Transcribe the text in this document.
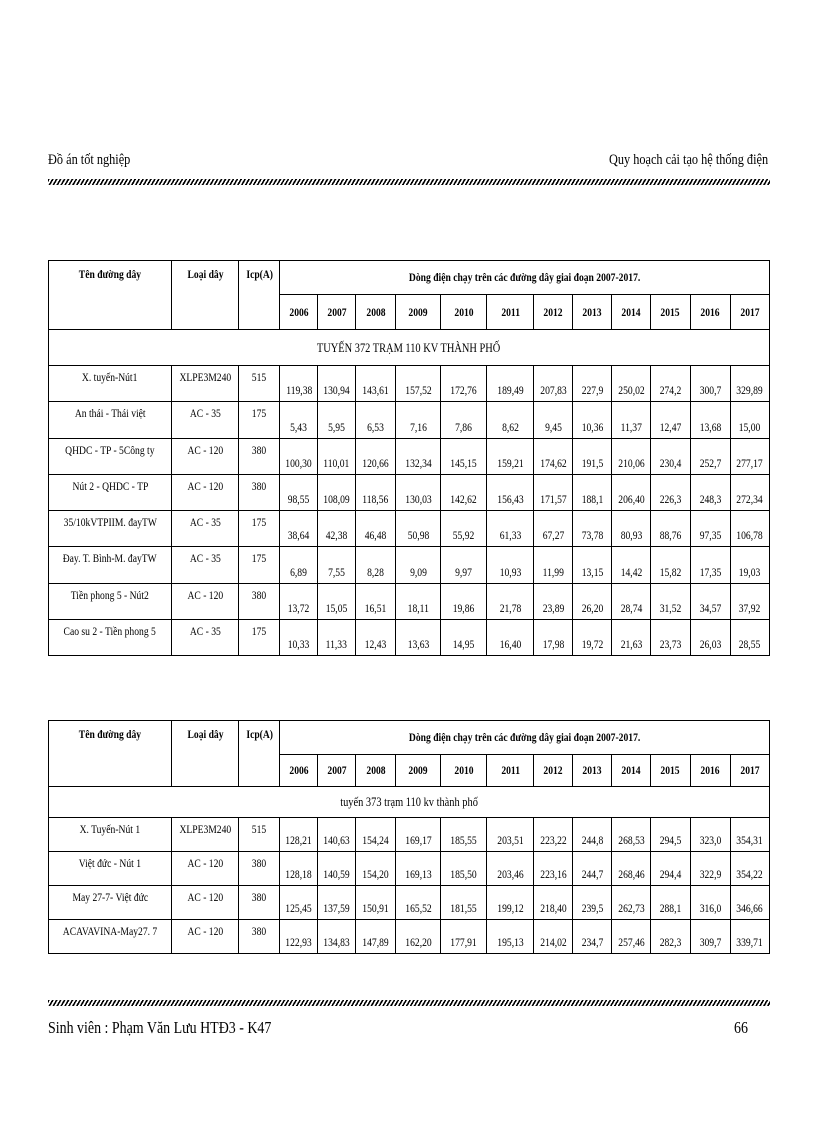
Đồ án tốt nghiệp	Quy hoạch cải tạo hệ thống điện
Tên đường dây	Loại dây	Icp(A)	Dòng điện chạy trên các đường dây giai đoạn 2007-2017.											
			2006	2007	2008	2009	2010	2011	2012	2013	2014	2015	2016	2017
TUYẾN 372 TRẠM 110 KV THÀNH PHỐ														
X. tuyến-Nút1	XLPE3M240	515	119,38	130,94	143,61	157,52	172,76	189,49	207,83	227,9	250,02	274,2	300,7	329,89
An thái - Thái việt	AC - 35	175	5,43	5,95	6,53	7,16	7,86	8,62	9,45	10,36	11,37	12,47	13,68	15,00
QHDC - TP - 5Công ty	AC - 120	380	100,30	110,01	120,66	132,34	145,15	159,21	174,62	191,5	210,06	230,4	252,7	277,17
Nút 2 - QHDC - TP	AC - 120	380	98,55	108,09	118,56	130,03	142,62	156,43	171,57	188,1	206,40	226,3	248,3	272,34
35/10kVTPIIM. đayTW	AC - 35	175	38,64	42,38	46,48	50,98	55,92	61,33	67,27	73,78	80,93	88,76	97,35	106,78
Đay. T. Bình-M. đayTW	AC - 35	175	6,89	7,55	8,28	9,09	9,97	10,93	11,99	13,15	14,42	15,82	17,35	19,03
Tiền phong 5 - Nút2	AC - 120	380	13,72	15,05	16,51	18,11	19,86	21,78	23,89	26,20	28,74	31,52	34,57	37,92
Cao su 2 - Tiền phong 5	AC - 35	175	10,33	11,33	12,43	13,63	14,95	16,40	17,98	19,72	21,63	23,73	26,03	28,55
Tên đường dây	Loại dây	Icp(A)	Dòng điện chạy trên các đường dây giai đoạn 2007-2017.											
			2006	2007	2008	2009	2010	2011	2012	2013	2014	2015	2016	2017
tuyến 373 trạm 110 kv thành phố														
X. Tuyến-Nút 1	XLPE3M240	515	128,21	140,63	154,24	169,17	185,55	203,51	223,22	244,8	268,53	294,5	323,0	354,31
Việt đức - Nút 1	AC - 120	380	128,18	140,59	154,20	169,13	185,50	203,46	223,16	244,7	268,46	294,4	322,9	354,22
May 27-7- Việt đức	AC - 120	380	125,45	137,59	150,91	165,52	181,55	199,12	218,40	239,5	262,73	288,1	316,0	346,66
ACAVAVINA-May27. 7	AC - 120	380	122,93	134,83	147,89	162,20	177,91	195,13	214,02	234,7	257,46	282,3	309,7	339,71
Sinh viên : Phạm Văn Lưu HTĐ3 - K47	66
